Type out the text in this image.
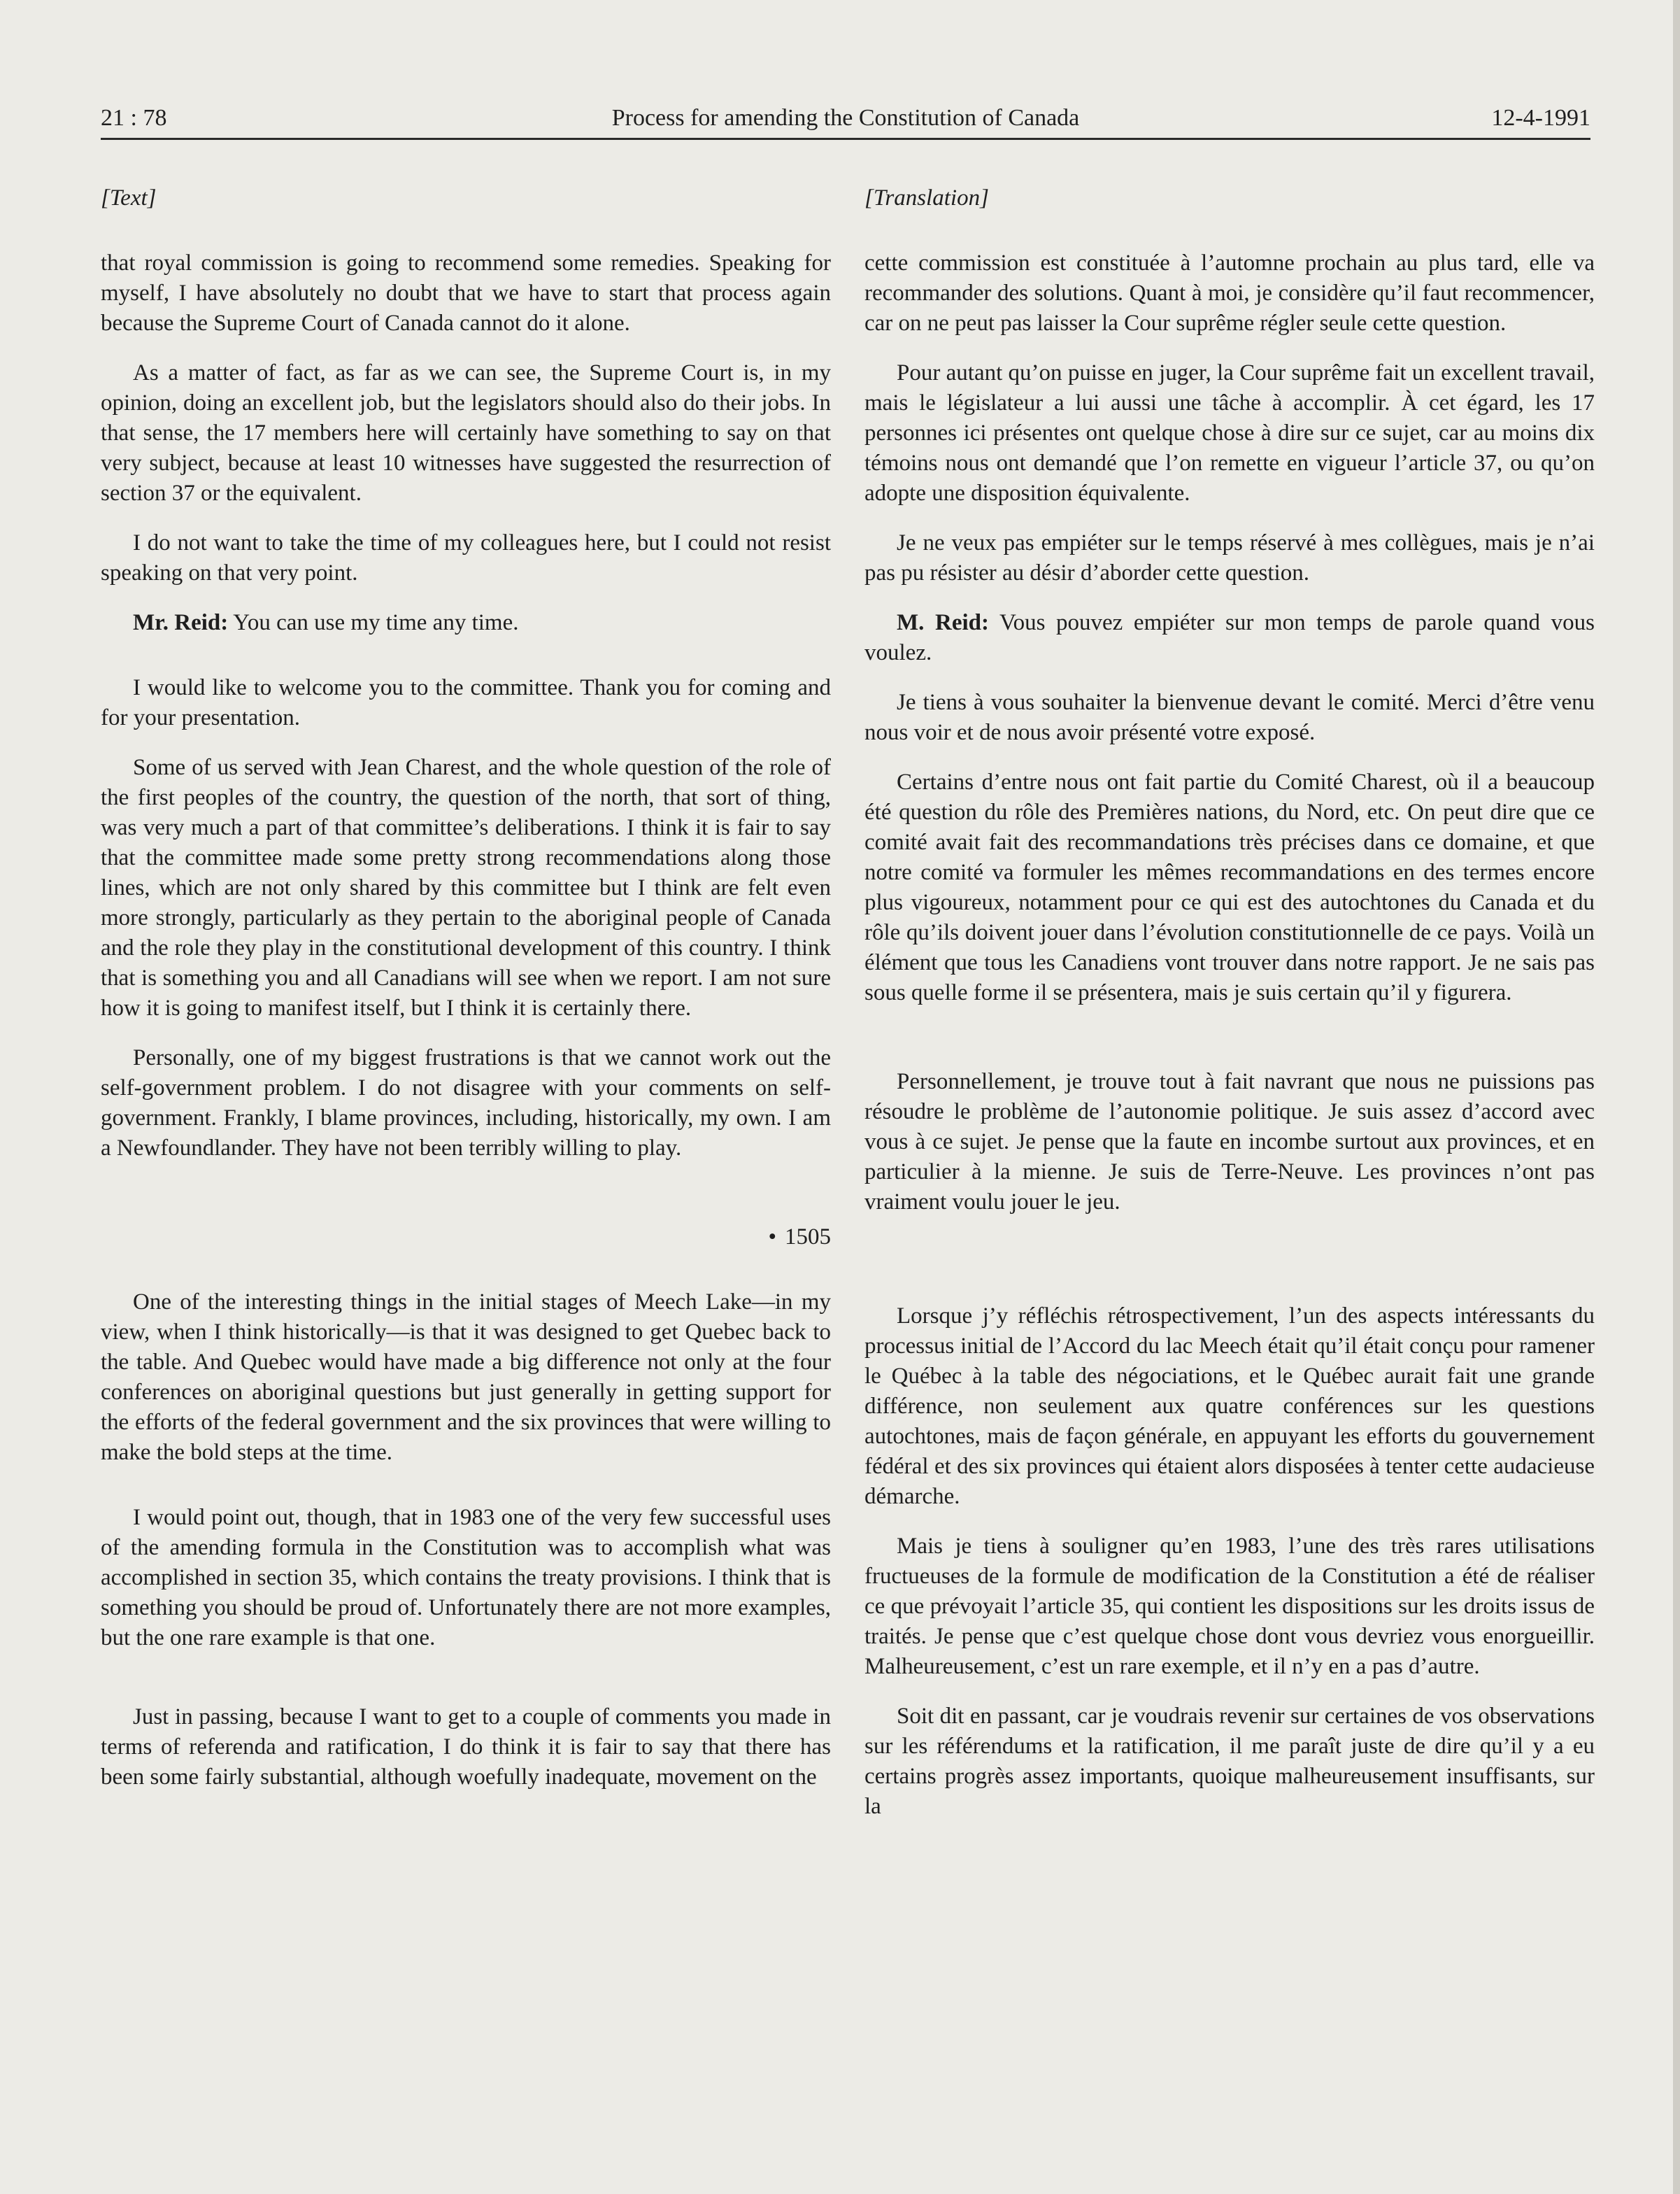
21 : 78	Process for amending the Constitution of Canada	12-4-1991
[Text]

that royal commission is going to recommend some remedies. Speaking for myself, I have absolutely no doubt that we have to start that process again because the Supreme Court of Canada cannot do it alone.

As a matter of fact, as far as we can see, the Supreme Court is, in my opinion, doing an excellent job, but the legislators should also do their jobs. In that sense, the 17 members here will certainly have something to say on that very subject, because at least 10 witnesses have suggested the resurrection of section 37 or the equivalent.

I do not want to take the time of my colleagues here, but I could not resist speaking on that very point.

Mr. Reid: You can use my time any time.

I would like to welcome you to the committee. Thank you for coming and for your presentation.

Some of us served with Jean Charest, and the whole question of the role of the first peoples of the country, the question of the north, that sort of thing, was very much a part of that committee’s deliberations. I think it is fair to say that the committee made some pretty strong recommendations along those lines, which are not only shared by this committee but I think are felt even more strongly, particularly as they pertain to the aboriginal people of Canada and the role they play in the constitutional development of this country. I think that is something you and all Canadians will see when we report. I am not sure how it is going to manifest itself, but I think it is certainly there.

Personally, one of my biggest frustrations is that we cannot work out the self-government problem. I do not disagree with your comments on self-government. Frankly, I blame provinces, including, historically, my own. I am a Newfoundlander. They have not been terribly willing to play.

• 1505

One of the interesting things in the initial stages of Meech Lake—in my view, when I think historically—is that it was designed to get Quebec back to the table. And Quebec would have made a big difference not only at the four conferences on aboriginal questions but just generally in getting support for the efforts of the federal government and the six provinces that were willing to make the bold steps at the time.

I would point out, though, that in 1983 one of the very few successful uses of the amending formula in the Constitution was to accomplish what was accomplished in section 35, which contains the treaty provisions. I think that is something you should be proud of. Unfortunately there are not more examples, but the one rare example is that one.

Just in passing, because I want to get to a couple of comments you made in terms of referenda and ratification, I do think it is fair to say that there has been some fairly substantial, although woefully inadequate, movement on the

[Translation]

cette commission est constituée à l’automne prochain au plus tard, elle va recommander des solutions. Quant à moi, je considère qu’il faut recommencer, car on ne peut pas laisser la Cour suprême régler seule cette question.

Pour autant qu’on puisse en juger, la Cour suprême fait un excellent travail, mais le législateur a lui aussi une tâche à accomplir. À cet égard, les 17 personnes ici présentes ont quelque chose à dire sur ce sujet, car au moins dix témoins nous ont demandé que l’on remette en vigueur l’article 37, ou qu’on adopte une disposition équivalente.

Je ne veux pas empiéter sur le temps réservé à mes collègues, mais je n’ai pas pu résister au désir d’aborder cette question.

M. Reid: Vous pouvez empiéter sur mon temps de parole quand vous voulez.

Je tiens à vous souhaiter la bienvenue devant le comité. Merci d’être venu nous voir et de nous avoir présenté votre exposé.

Certains d’entre nous ont fait partie du Comité Charest, où il a beaucoup été question du rôle des Premières nations, du Nord, etc. On peut dire que ce comité avait fait des recommandations très précises dans ce domaine, et que notre comité va formuler les mêmes recommandations en des termes encore plus vigoureux, notamment pour ce qui est des autochtones du Canada et du rôle qu’ils doivent jouer dans l’évolution constitutionnelle de ce pays. Voilà un élément que tous les Canadiens vont trouver dans notre rapport. Je ne sais pas sous quelle forme il se présentera, mais je suis certain qu’il y figurera.

Personnellement, je trouve tout à fait navrant que nous ne puissions pas résoudre le problème de l’autonomie politique. Je suis assez d’accord avec vous à ce sujet. Je pense que la faute en incombe surtout aux provinces, et en particulier à la mienne. Je suis de Terre-Neuve. Les provinces n’ont pas vraiment voulu jouer le jeu.

Lorsque j’y réfléchis rétrospectivement, l’un des aspects intéressants du processus initial de l’Accord du lac Meech était qu’il était conçu pour ramener le Québec à la table des négociations, et le Québec aurait fait une grande différence, non seulement aux quatre conférences sur les questions autochtones, mais de façon générale, en appuyant les efforts du gouvernement fédéral et des six provinces qui étaient alors disposées à tenter cette audacieuse démarche.

Mais je tiens à souligner qu’en 1983, l’une des très rares utilisations fructueuses de la formule de modification de la Constitution a été de réaliser ce que prévoyait l’article 35, qui contient les dispositions sur les droits issus de traités. Je pense que c’est quelque chose dont vous devriez vous enorgueillir. Malheureusement, c’est un rare exemple, et il n’y en a pas d’autre.

Soit dit en passant, car je voudrais revenir sur certaines de vos observations sur les référendums et la ratification, il me paraît juste de dire qu’il y a eu certains progrès assez importants, quoique malheureusement insuffisants, sur la
